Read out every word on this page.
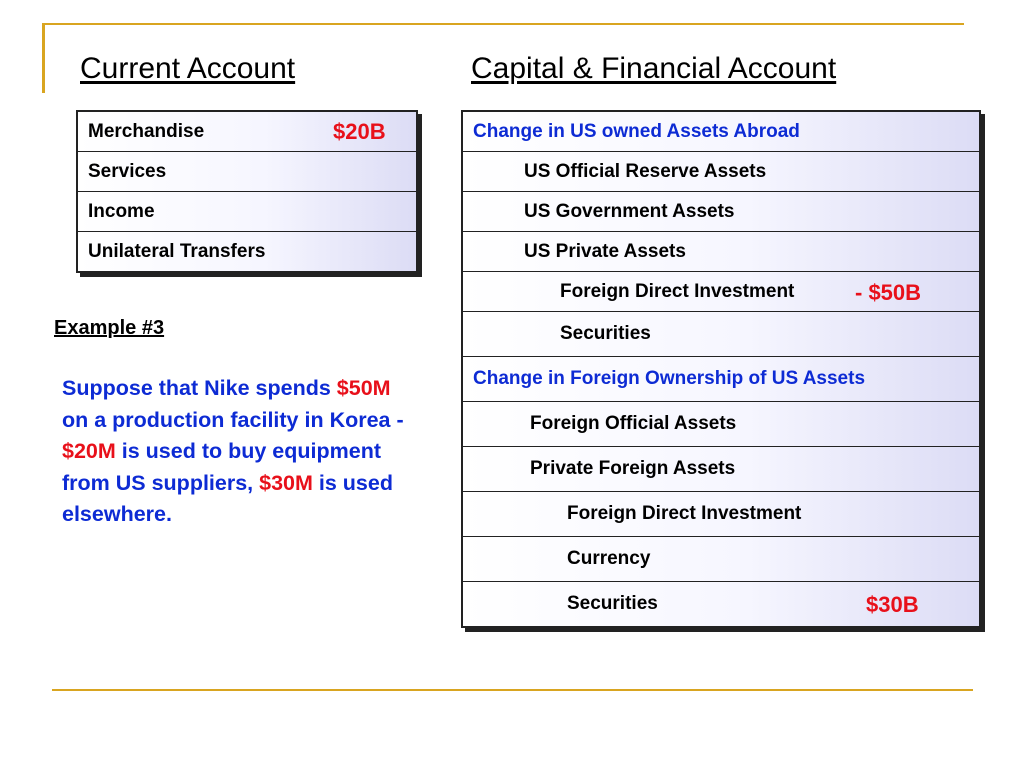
Current Account	Capital & Financial Account
Merchandise	$20B

Services
Income
Unilateral Transfers
Change in US owned Assets Abroad
US Official Reserve Assets
US Government Assets
US Private Assets
Foreign Direct Investment	- $50B

Securities
Change in Foreign Ownership of US Assets
Foreign Official Assets
Private Foreign Assets
Foreign Direct Investment
Currency
Securities	$30B
Example #3
Suppose that Nike spends $50M on a production facility in Korea - $20M is used to buy equipment from US suppliers, $30M is used elsewhere.
